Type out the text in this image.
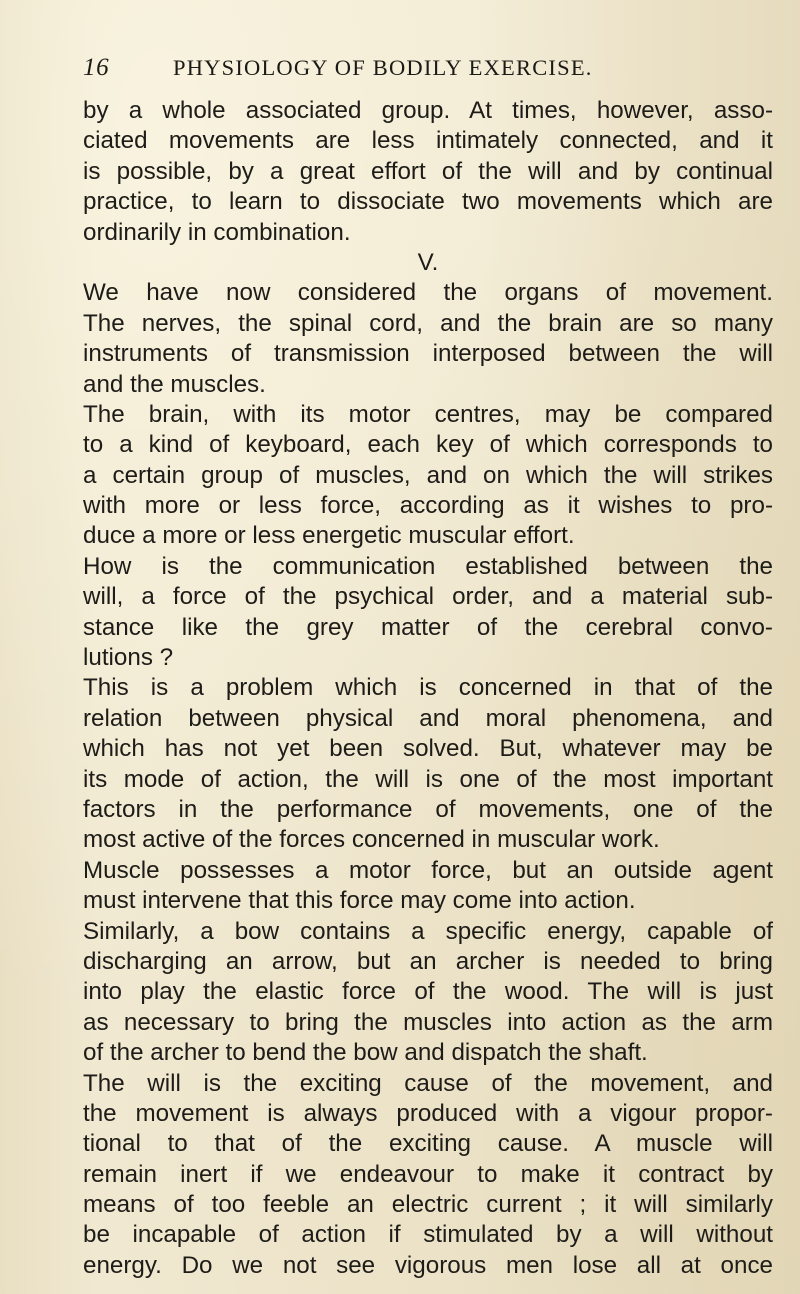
16	PHYSIOLOGY OF BODILY EXERCISE.
by a whole associated group. At times, however, asso-
ciated movements are less intimately connected, and it
is possible, by a great effort of the will and by continual
practice, to learn to dissociate two movements which are
ordinarily in combination.
V.
We have now considered the organs of movement.
The nerves, the spinal cord, and the brain are so many
instruments of transmission interposed between the will
and the muscles.
The brain, with its motor centres, may be compared
to a kind of keyboard, each key of which corresponds to
a certain group of muscles, and on which the will strikes
with more or less force, according as it wishes to pro-
duce a more or less energetic muscular effort.
How is the communication established between the
will, a force of the psychical order, and a material sub-
stance like the grey matter of the cerebral convo-
lutions ?
This is a problem which is concerned in that of the
relation between physical and moral phenomena, and
which has not yet been solved. But, whatever may be
its mode of action, the will is one of the most important
factors in the performance of movements, one of the
most active of the forces concerned in muscular work.
Muscle possesses a motor force, but an outside agent
must intervene that this force may come into action.
Similarly, a bow contains a specific energy, capable of
discharging an arrow, but an archer is needed to bring
into play the elastic force of the wood. The will is just
as necessary to bring the muscles into action as the arm
of the archer to bend the bow and dispatch the shaft.
The will is the exciting cause of the movement, and
the movement is always produced with a vigour propor-
tional to that of the exciting cause. A muscle will
remain inert if we endeavour to make it contract by
means of too feeble an electric current ; it will similarly
be incapable of action if stimulated by a will without
energy. Do we not see vigorous men lose all at once
